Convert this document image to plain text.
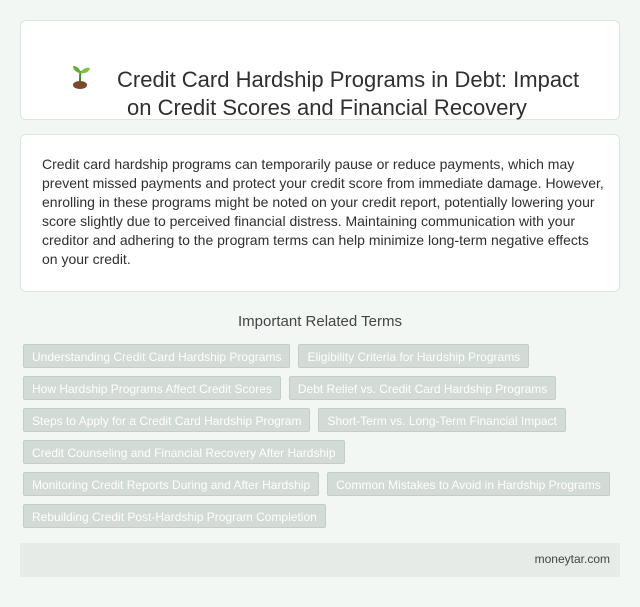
Credit Card Hardship Programs in Debt: Impact
on Credit Scores and Financial Recovery

Credit card hardship programs can temporarily pause or reduce payments, which may prevent missed payments and protect your credit score from immediate damage. However, enrolling in these programs might be noted on your credit report, potentially lowering your score slightly due to perceived financial distress. Maintaining communication with your creditor and adhering to the program terms can help minimize long-term negative effects on your credit.

Important Related Terms
Understanding Credit Card Hardship Programs	Eligibility Criteria for Hardship Programs
How Hardship Programs Affect Credit Scores	Debt Relief vs. Credit Card Hardship Programs
Steps to Apply for a Credit Card Hardship Program	Short-Term vs. Long-Term Financial Impact
Credit Counseling and Financial Recovery After Hardship
Monitoring Credit Reports During and After Hardship	Common Mistakes to Avoid in Hardship Programs
Rebuilding Credit Post-Hardship Program Completion
moneytar.com
